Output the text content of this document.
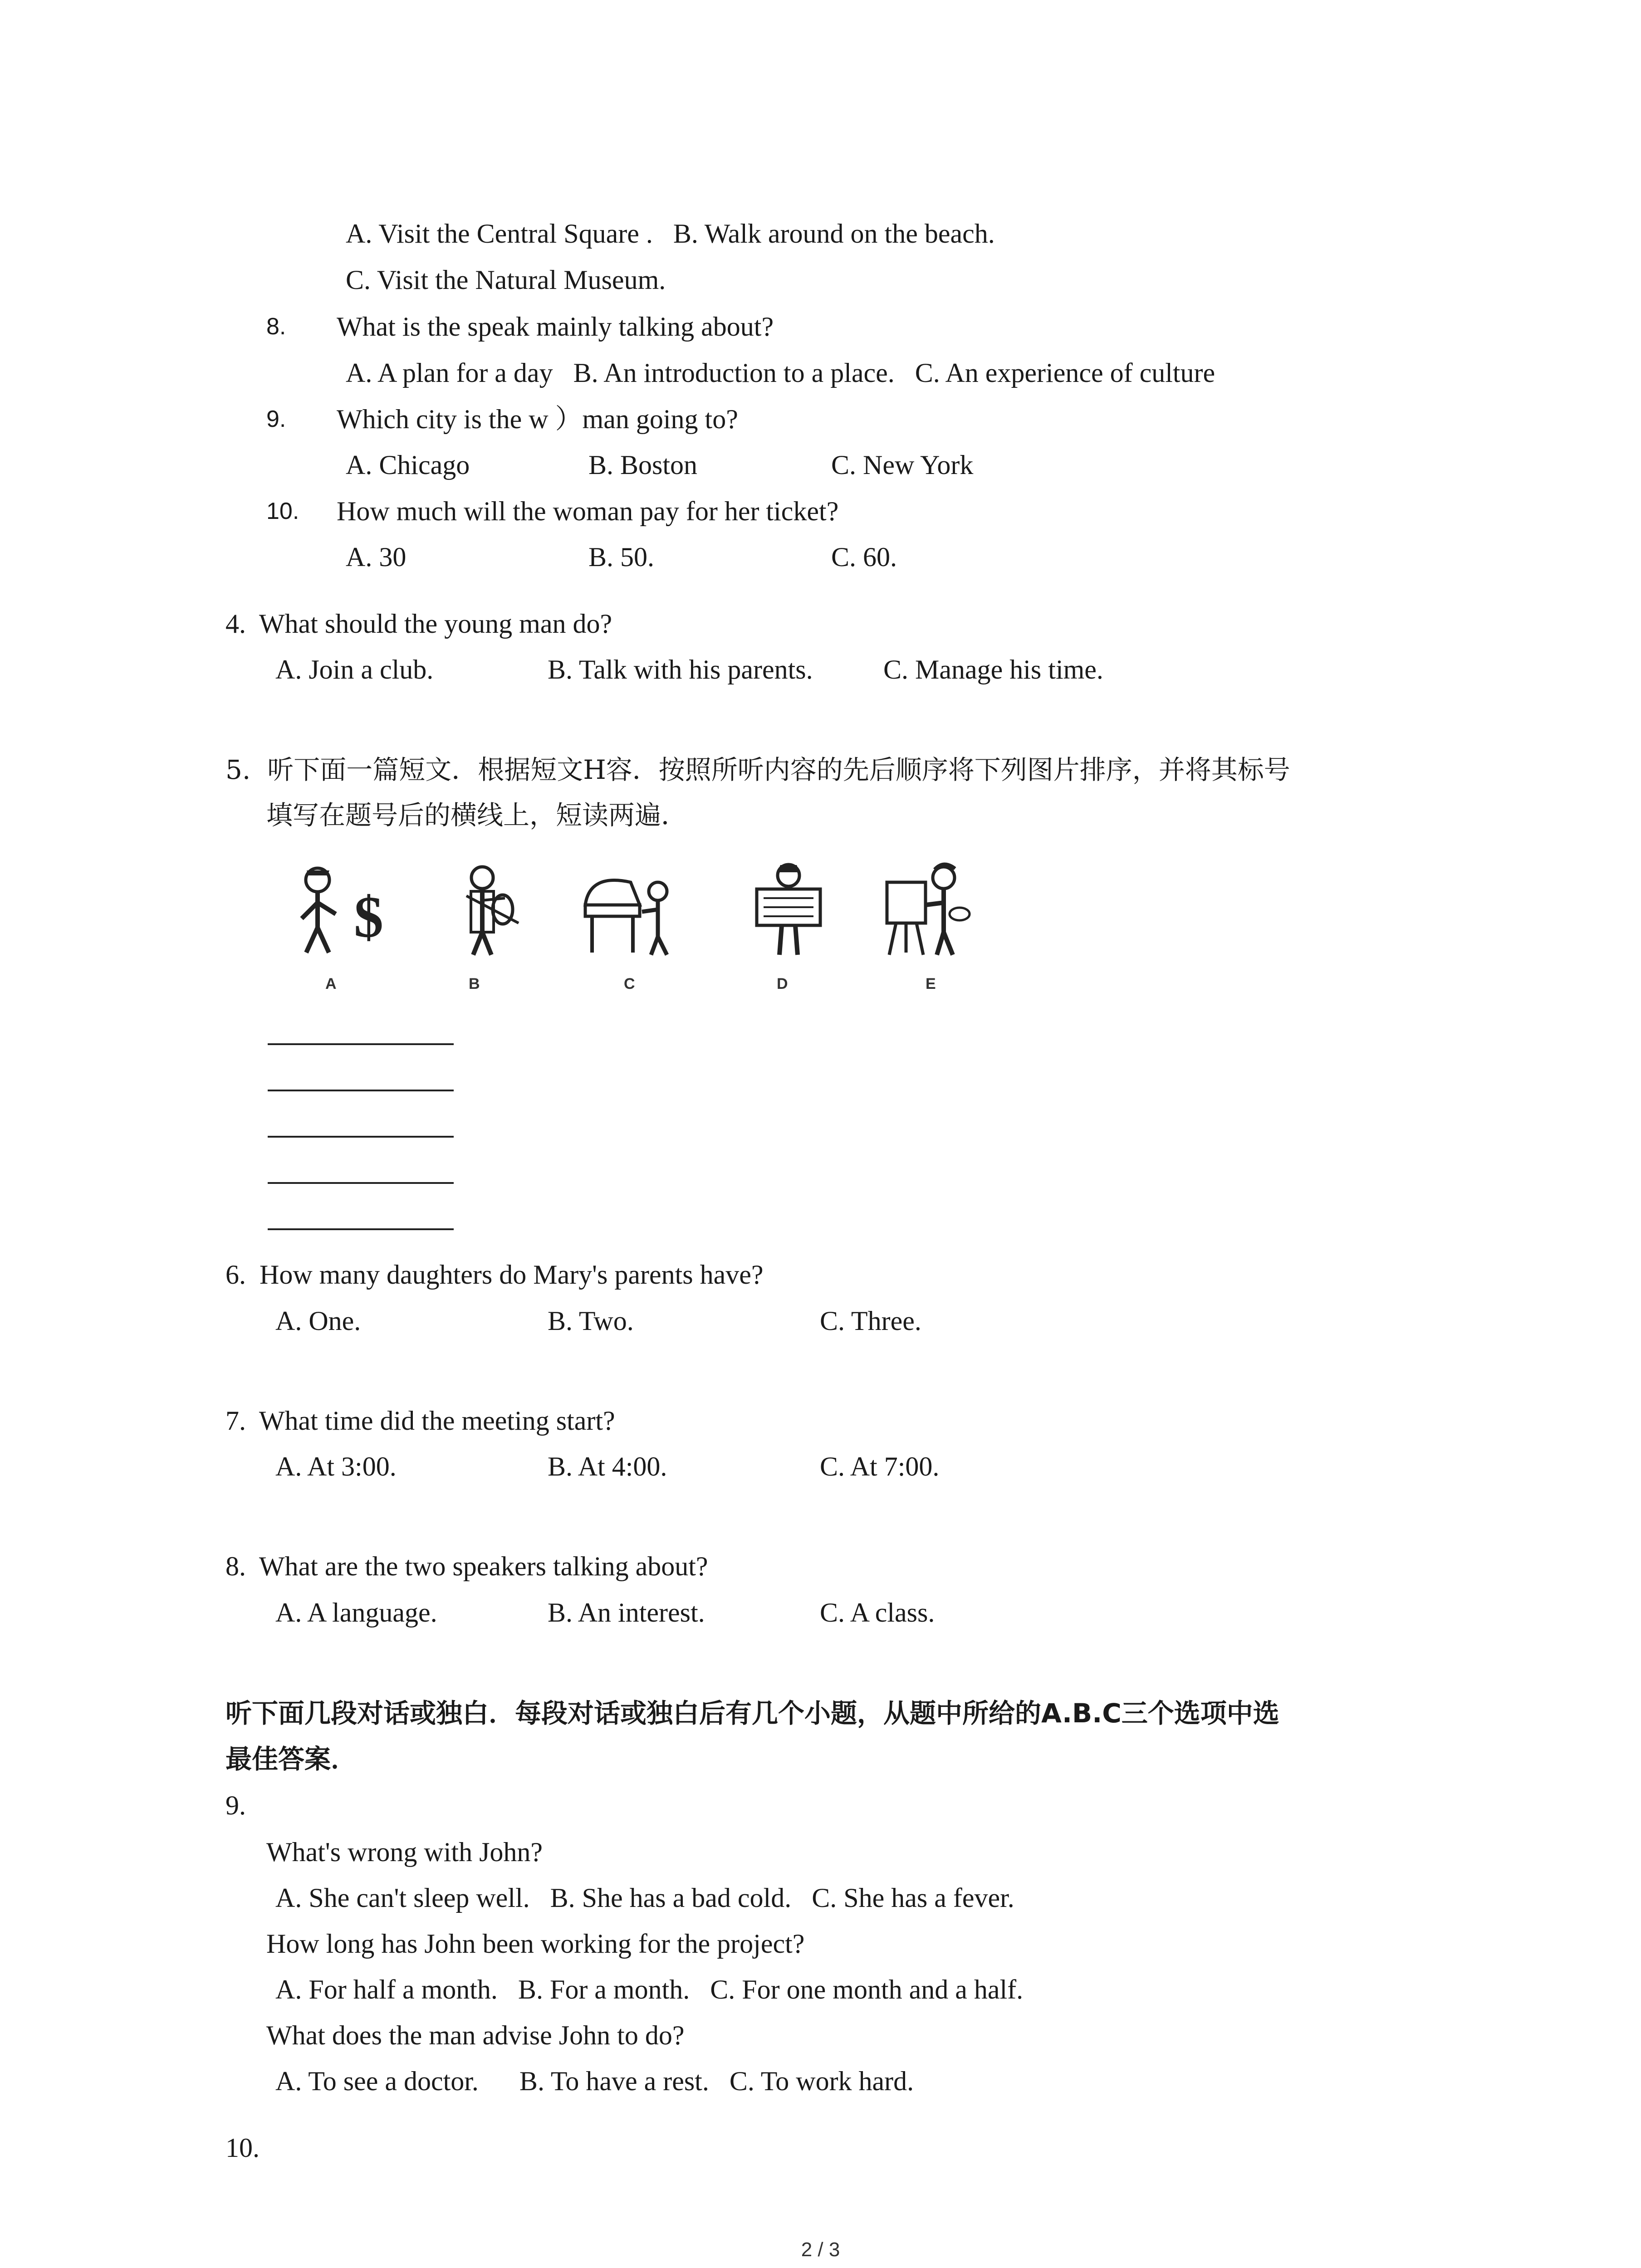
A. Visit the Central Square .   B. Walk around on the beach.
C. Visit the Natural Museum.
8. What is the speak mainly talking about?
A. A plan for a day   B. An introduction to a place.   C. An experience of culture
9. Which city is the w ）man going to?
A. Chicago	B. Boston	C. New York
10. How much will the woman pay for her ticket?
A. 30	B. 50.	C. 60.
4.  What should the young man do?
A. Join a club.	B. Talk with his parents.	C. Manage his time.
5.  听下面一篇短文．根据短文H容．按照所听内容的先后顺序将下列图片排序，并将其标号
填写在题号后的横线上，短读两遍．
$
A	B	C	D	E
6.  How many daughters do Mary's parents have?
A. One.	B. Two.	C. Three.
7.  What time did the meeting start?
A. At 3:00.	B. At 4:00.	C. At 7:00.
8.  What are the two speakers talking about?
A. A language.	B. An interest.	C. A class.
听下面几段对话或独白．每段对话或独白后有几个小题，从题中所给的A.B.C三个选项中选
最佳答案．
9.
What's wrong with John?
A. She can't sleep well.   B. She has a bad cold.   C. She has a fever.
How long has John been working for the project?
A. For half a month.   B. For a month.   C. For one month and a half.
What does the man advise John to do?
A. To see a doctor.      B. To have a rest.   C. To work hard.
10.
2 / 3
